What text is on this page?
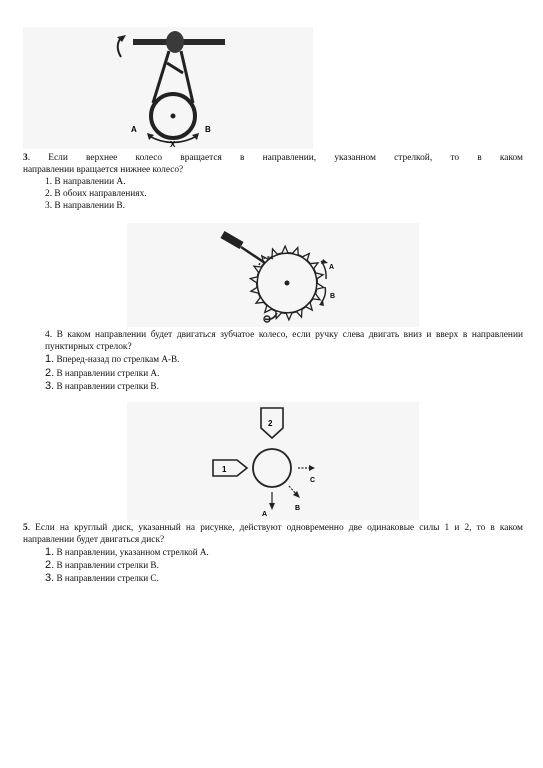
A
X
B
3. Если верхнее колесо вращается в направлении, указанном стрелкой, то в каком
направлении вращается нижнее колесо?
1. В направлении А.
2. В обоих направлениях.
3. В направлении В.
A
B
4. В каком направлении будет двигаться зубчатое колесо, если ручку слева двигать вниз и вверх в направлении пунктирных стрелок?
1. Вперед-назад по стрелкам А-В.
2. В направлении стрелки А.
3. В направлении стрелки В.
2
1
C
A
B
5. Если на круглый диск, указанный на рисунке, действуют одновременно две одинаковые силы 1 и 2, то в каком направлении будет двигаться диск?
1. В направлении, указанном стрелкой А.
2. В направлении стрелки В.
3. В направлении стрелки С.
